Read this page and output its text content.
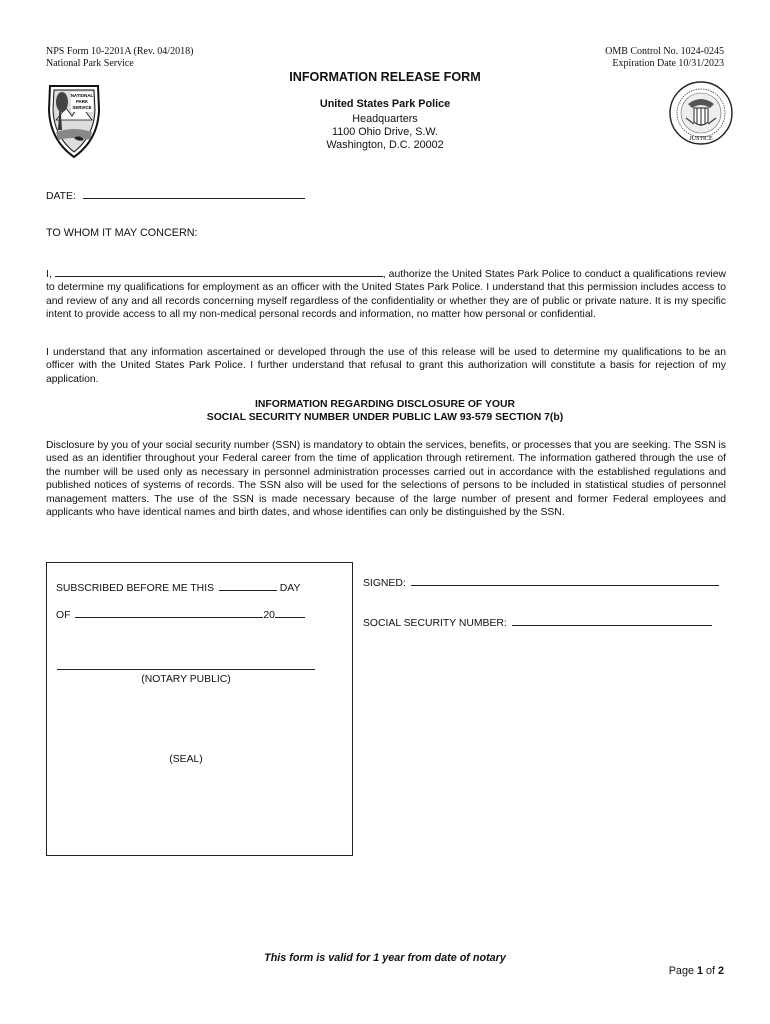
NPS Form 10-2201A (Rev. 04/2018)
National Park Service
OMB Control No. 1024-0245
Expiration Date 10/31/2023
NATIONAL
PARK
SERVICE
JUSTICE
INFORMATION RELEASE FORM
United States Park Police
Headquarters
1100 Ohio Drive, S.W.
Washington, D.C. 20002
DATE:
TO WHOM IT MAY CONCERN:
I,	, authorize the United States Park Police to conduct a qualifications review to determine my qualifications for employment as an officer with the United States Park Police. I understand that this permission includes access to and review of any and all records concerning myself regardless of the confidentiality or whether they are of public or private nature. It is my specific intent to provide access to all my non-medical personal records and information, no matter how personal or confidential.
I understand that any information ascertained or developed through the use of this release will be used to determine my qualifications to be an officer with the United States Park Police. I further understand that refusal to grant this authorization will constitute a basis for rejection of my application.
INFORMATION REGARDING DISCLOSURE OF YOUR
SOCIAL SECURITY NUMBER UNDER PUBLIC LAW 93-579 SECTION 7(b)
Disclosure by you of your social security number (SSN) is mandatory to obtain the services, benefits, or processes that you are seeking. The SSN is used as an identifier throughout your Federal career from the time of application through retirement. The information gathered through the use of the number will be used only as necessary in personnel administration processes carried out in accordance with the established regulations and published notices of systems of records. The SSN also will be used for the selections of persons to be included in statistical studies of personnel management matters. The use of the SSN is made necessary because of the large number of present and former Federal employees and applicants who have identical names and birth dates, and whose identifies can only be distinguished by the SSN.
SUBSCRIBED BEFORE ME THIS	DAY
OF	20
(NOTARY PUBLIC)
(SEAL)
SIGNED:
SOCIAL SECURITY NUMBER:
This form is valid for 1 year from date of notary
Page 1 of 2
